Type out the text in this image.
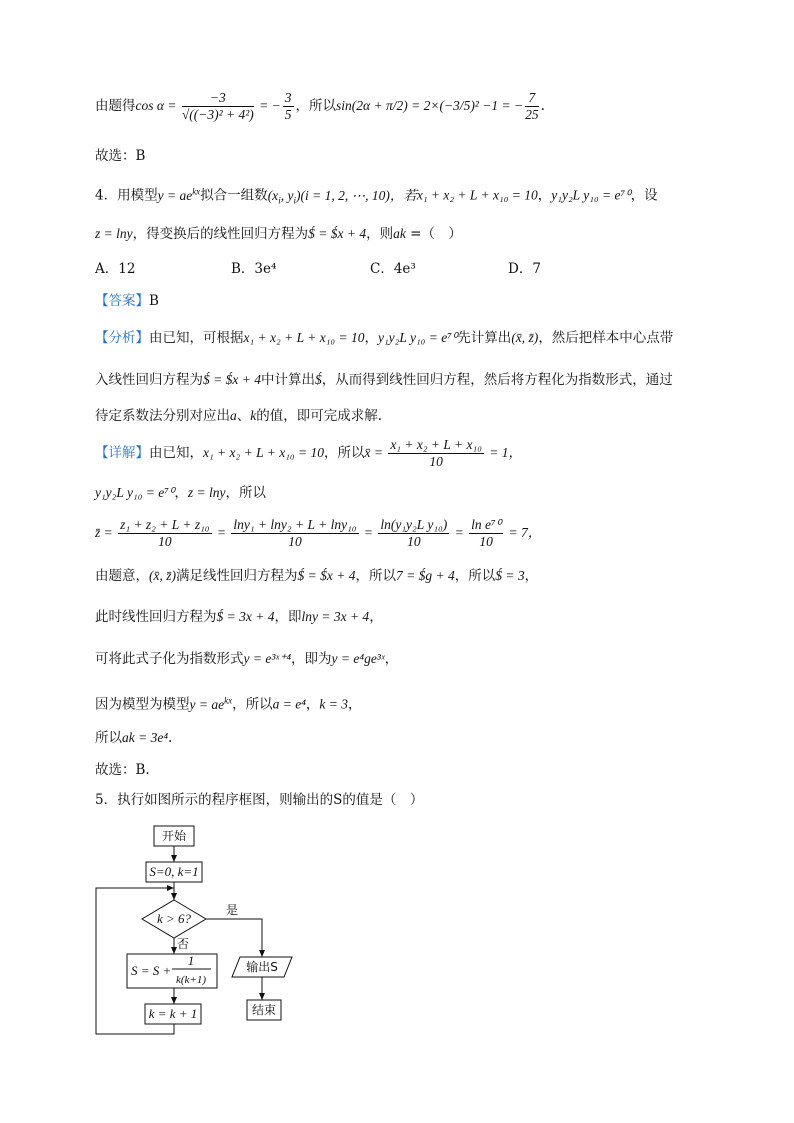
由题得$\cos \alpha = \frac{-3}{\text{√((−3)² + 4²)}}$ = − $\frac{3}{5}$ ，所以sin(2α + π/2) = 2×(−3/5)² −1 = − $\frac{7}{25}$ .
故选：B
4．用模型$y = ae^{kx}$拟合一组数($x_i$, $y_i)(i = 1$, 2, ⋯, 10)，若x₁ + x₂ + L + x₁₀ = 10，y₁y₂L y₁₀ = e⁷⁰，设
z = lny，得变换后的线性回归方程为$́ = $́x + 4，则ak =（　）
A．12	B．3e⁴	C．4e³	D．7
【答案】B
【分析】由已知，可根据x₁ + x₂ + L + x₁₀ = 10，y₁y₂L y₁₀ = e⁷⁰先计算出(x̄, z̄)，然后把样本中心点带
入线性回归方程为$́ = $́x + 4中计算出$́，从而得到线性回归方程，然后将方程化为指数形式，通过
待定系数法分别对应出a、k的值，即可完成求解.
【详解】由已知，x₁ + x₂ + L + x₁₀ = 10，所以x̄ = $\frac{\text{x₁ + x₂ + L + x₁₀}}{10} = 1$，
y₁y₂L y₁₀ = e⁷⁰，z = lny，所以
z̄ = $\frac{\text{z₁ + z₂ + L + z₁₀}}{10} = \frac{\text{lny₁ + lny₂ + L + lny₁₀}}{10} = \frac{\text{ln(y₁y₂L y₁₀)}}{10} = \frac{\text{ln e⁷⁰}}{10} = 7$，
由题意，(x̄, z̄)满足线性回归方程为$́ = $́x + 4，所以7 = $́g + 4，所以$́ = 3，
此时线性回归方程为$́ = 3x + 4，即lny = 3x + 4，
可将此式子化为指数形式y = e³ˣ⁺⁴，即为y = e⁴ge³ˣ，
因为模型为模型$y = ae^{kx}$，所以a = e⁴，k = 3，
所以ak = 3e⁴.
故选：B.
5．执行如图所示的程序框图，则输出的S的值是（　）
开始
S=0, k=1
k > 6?
是
否
S = S +
1
k(k+1)
输出S
k = k + 1	结束
